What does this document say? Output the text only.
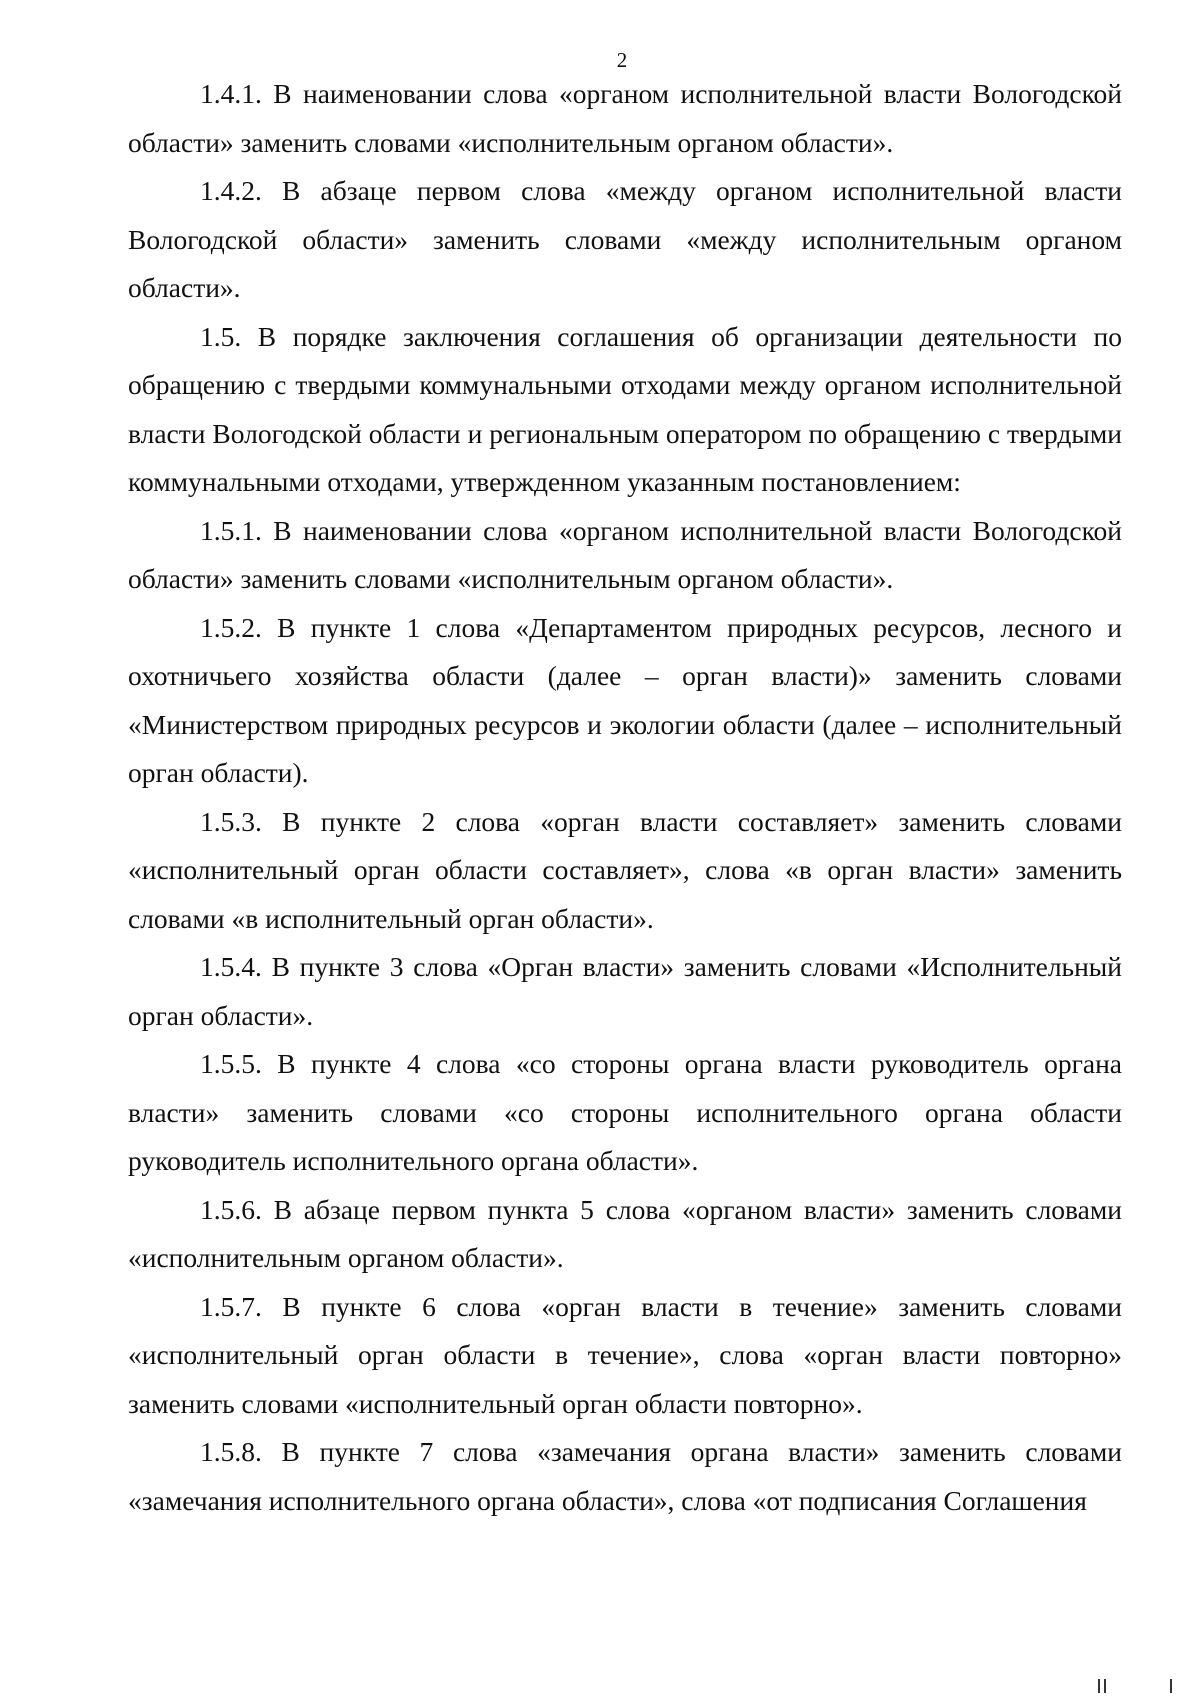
2

1.4.1. В наименовании слова «органом исполнительной власти Вологодской области» заменить словами «исполнительным органом области».

1.4.2. В абзаце первом слова «между органом исполнительной власти Вологодской области» заменить словами «между исполнительным органом области».

1.5. В порядке заключения соглашения об организации деятельности по обращению с твердыми коммунальными отходами между органом исполнительной власти Вологодской области и региональным оператором по обращению с твердыми коммунальными отходами, утвержденном указанным постановлением:

1.5.1. В наименовании слова «органом исполнительной власти Вологодской области» заменить словами «исполнительным органом области».

1.5.2. В пункте 1 слова «Департаментом природных ресурсов, лесного и охотничьего хозяйства области (далее – орган власти)» заменить словами «Министерством природных ресурсов и экологии области (далее – исполнительный орган области).

1.5.3. В пункте 2 слова «орган власти составляет» заменить словами «исполнительный орган области составляет», слова «в орган власти» заменить словами «в исполнительный орган области».

1.5.4. В пункте 3 слова «Орган власти» заменить словами «Исполнительный орган области».

1.5.5. В пункте 4 слова «со стороны органа власти руководитель органа власти» заменить словами «со стороны исполнительного органа области руководитель исполнительного органа области».

1.5.6. В абзаце первом пункта 5 слова «органом власти» заменить словами «исполнительным органом области».

1.5.7. В пункте 6 слова «орган власти в течение» заменить словами «исполнительный орган области в течение», слова «орган власти повторно» заменить словами «исполнительный орган области повторно».

1.5.8. В пункте 7 слова «замечания органа власти» заменить словами «замечания исполнительного органа области», слова «от подписания Соглашения
